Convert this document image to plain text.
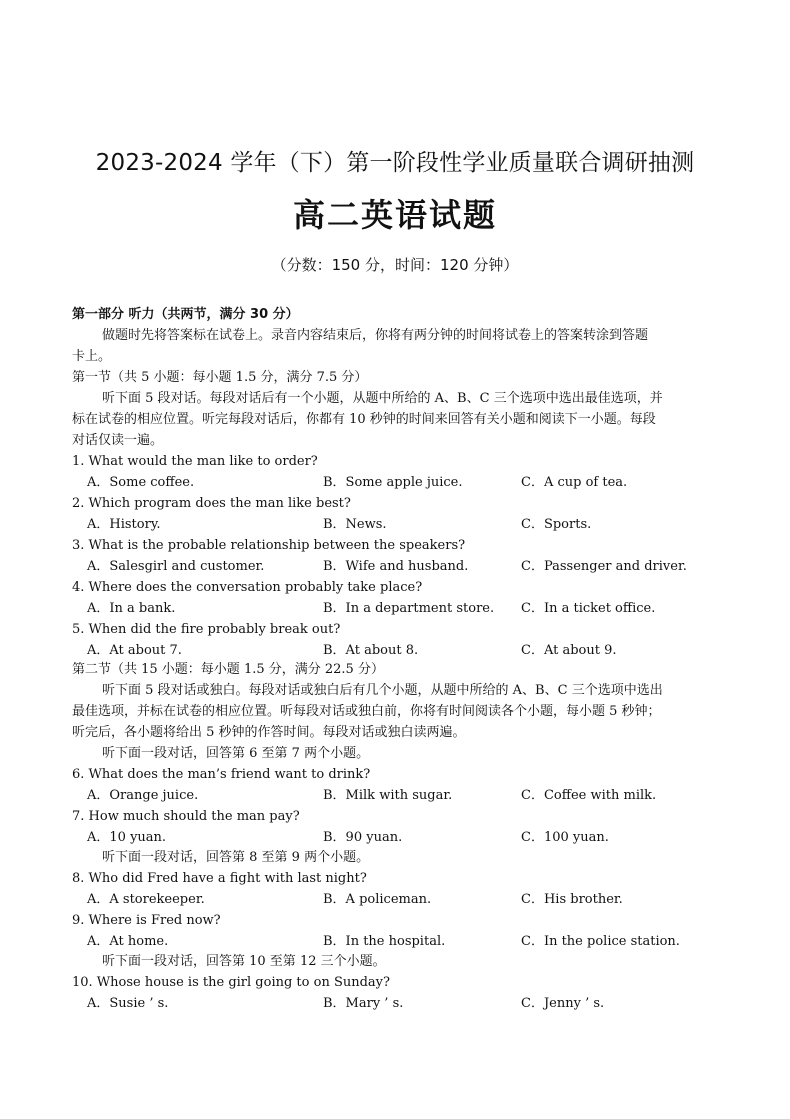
2023-2024 学年（下）第一阶段性学业质量联合调研抽测
高二英语试题
（分数：150 分，时间：120 分钟）
第一部分 听力（共两节，满分 30 分）
做题时先将答案标在试卷上。录音内容结束后，你将有两分钟的时间将试卷上的答案转涂到答题
卡上。
第一节（共 5 小题：每小题 1.5 分，满分 7.5 分）
听下面 5 段对话。每段对话后有一个小题，从题中所给的 A、B、C 三个选项中选出最佳选项，并
标在试卷的相应位置。听完每段对话后，你都有 10 秒钟的时间来回答有关小题和阅读下一小题。每段
对话仅读一遍。
1. What would the man like to order?
A．Some coffee.	B．Some apple juice.	C．A cup of tea.
2. Which program does the man like best?
A．History.	B．News.	C．Sports.
3. What is the probable relationship between the speakers?
A．Salesgirl and customer.	B．Wife and husband.	C．Passenger and driver.
4. Where does the conversation probably take place?
A．In a bank.	B．In a department store. C．In a ticket office.
5. When did the fire probably break out?
A．At about 7.	B．At about 8.	C．At about 9.
第二节（共 15 小题：每小题 1.5 分，满分 22.5 分）
听下面 5 段对话或独白。每段对话或独白后有几个小题，从题中所给的 A、B、C 三个选项中选出
最佳选项，并标在试卷的相应位置。听每段对话或独白前，你将有时间阅读各个小题，每小题 5 秒钟；
听完后，各小题将给出 5 秒钟的作答时间。每段对话或独白读两遍。
听下面一段对话，回答第 6 至第 7 两个小题。
6. What does the man’s friend want to drink?
A．Orange juice.	B．Milk with sugar.	C．Coffee with milk.
7. How much should the man pay?
A．10 yuan.	B．90 yuan.	C．100 yuan.
听下面一段对话，回答第 8 至第 9 两个小题。
8. Who did Fred have a fight with last night?
A．A storekeeper.	B．A policeman.	C．His brother.
9. Where is Fred now?
A．At home.	B．In the hospital.	C．In the police station.
听下面一段对话，回答第 10 至第 12 三个小题。
10. Whose house is the girl going to on Sunday?
A．Susie ’ s.	B．Mary ’ s.	C．Jenny ’ s.
